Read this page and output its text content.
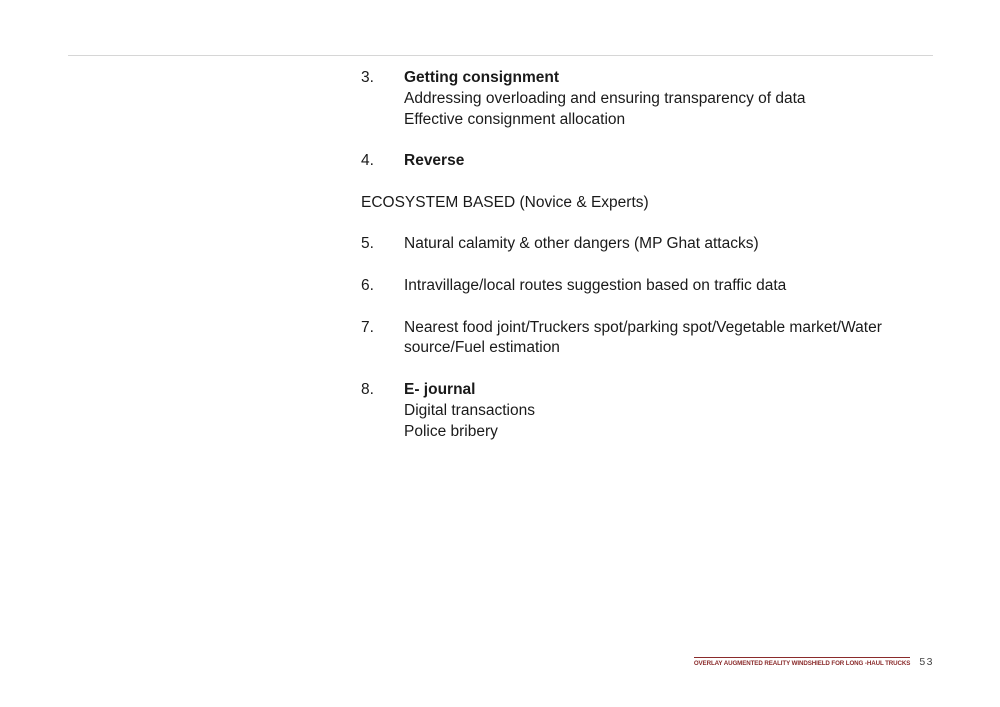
3.	Getting consignment
Addressing overloading and ensuring transparency of data
Effective consignment allocation
4.	Reverse
ECOSYSTEM BASED (Novice & Experts)
5.	Natural calamity & other dangers (MP Ghat attacks)
6.	Intravillage/local routes suggestion based on traffic data
7.	Nearest food joint/Truckers spot/parking spot/Vegetable market/Water source/Fuel estimation
8.	E- journal
Digital transactions
Police bribery
OVERLAY AUGMENTED REALITY WINDSHIELD FOR LONG -HAUL TRUCKS 53
